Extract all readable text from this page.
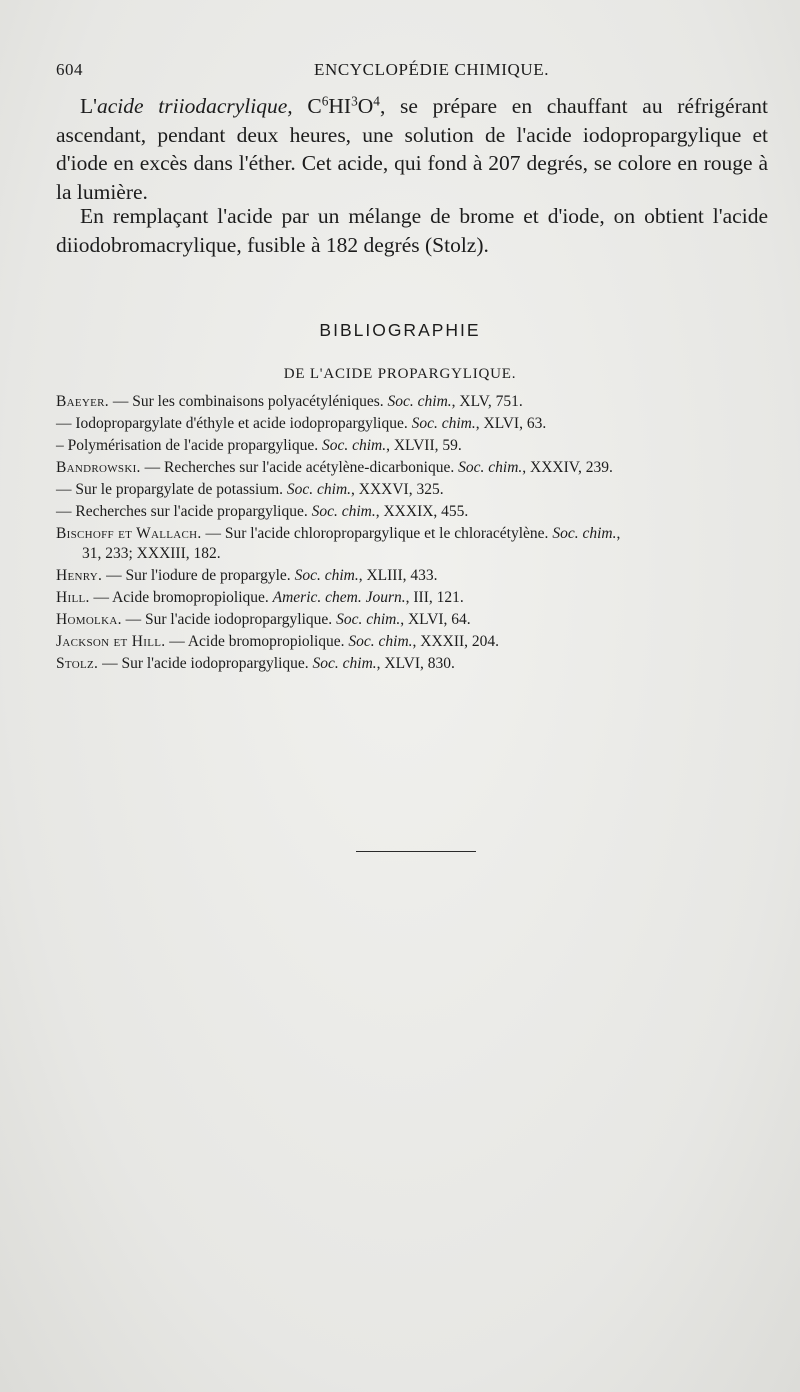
604	ENCYCLOPÉDIE CHIMIQUE.

L'acide triiodacrylique, $C^6HI^3O^4$, se prépare en chauffant au réfrigérant ascendant, pendant deux heures, une solution de l'acide iodopropargylique et d'iode en excès dans l'éther. Cet acide, qui fond à 207 degrés, se colore en rouge à la lumière.

En remplaçant l'acide par un mélange de brome et d'iode, on obtient l'acide diiodobromacrylique, fusible à 182 degrés (Stolz).

BIBLIOGRAPHIE
DE L'ACIDE PROPARGYLIQUE.
Baeyer. — Sur les combinaisons polyacétyléniques. Soc. chim., XLV, 751.
— Iodopropargylate d'éthyle et acide iodopropargylique. Soc. chim., XLVI, 63.
– Polymérisation de l'acide propargylique. Soc. chim., XLVII, 59.
Bandrowski. — Recherches sur l'acide acétylène-dicarbonique. Soc. chim., XXXIV, 239.
— Sur le propargylate de potassium. Soc. chim., XXXVI, 325.
— Recherches sur l'acide propargylique. Soc. chim., XXXIX, 455.
Bischoff et Wallach. — Sur l'acide chloropropargylique et le chloracétylène. Soc. chim.,
31, 233; XXXIII, 182.
Henry. — Sur l'iodure de propargyle. Soc. chim., XLIII, 433.
Hill. — Acide bromopropiolique. Americ. chem. Journ., III, 121.
Homolka. — Sur l'acide iodopropargylique. Soc. chim., XLVI, 64.
Jackson et Hill. — Acide bromopropiolique. Soc. chim., XXXII, 204.
Stolz. — Sur l'acide iodopropargylique. Soc. chim., XLVI, 830.
